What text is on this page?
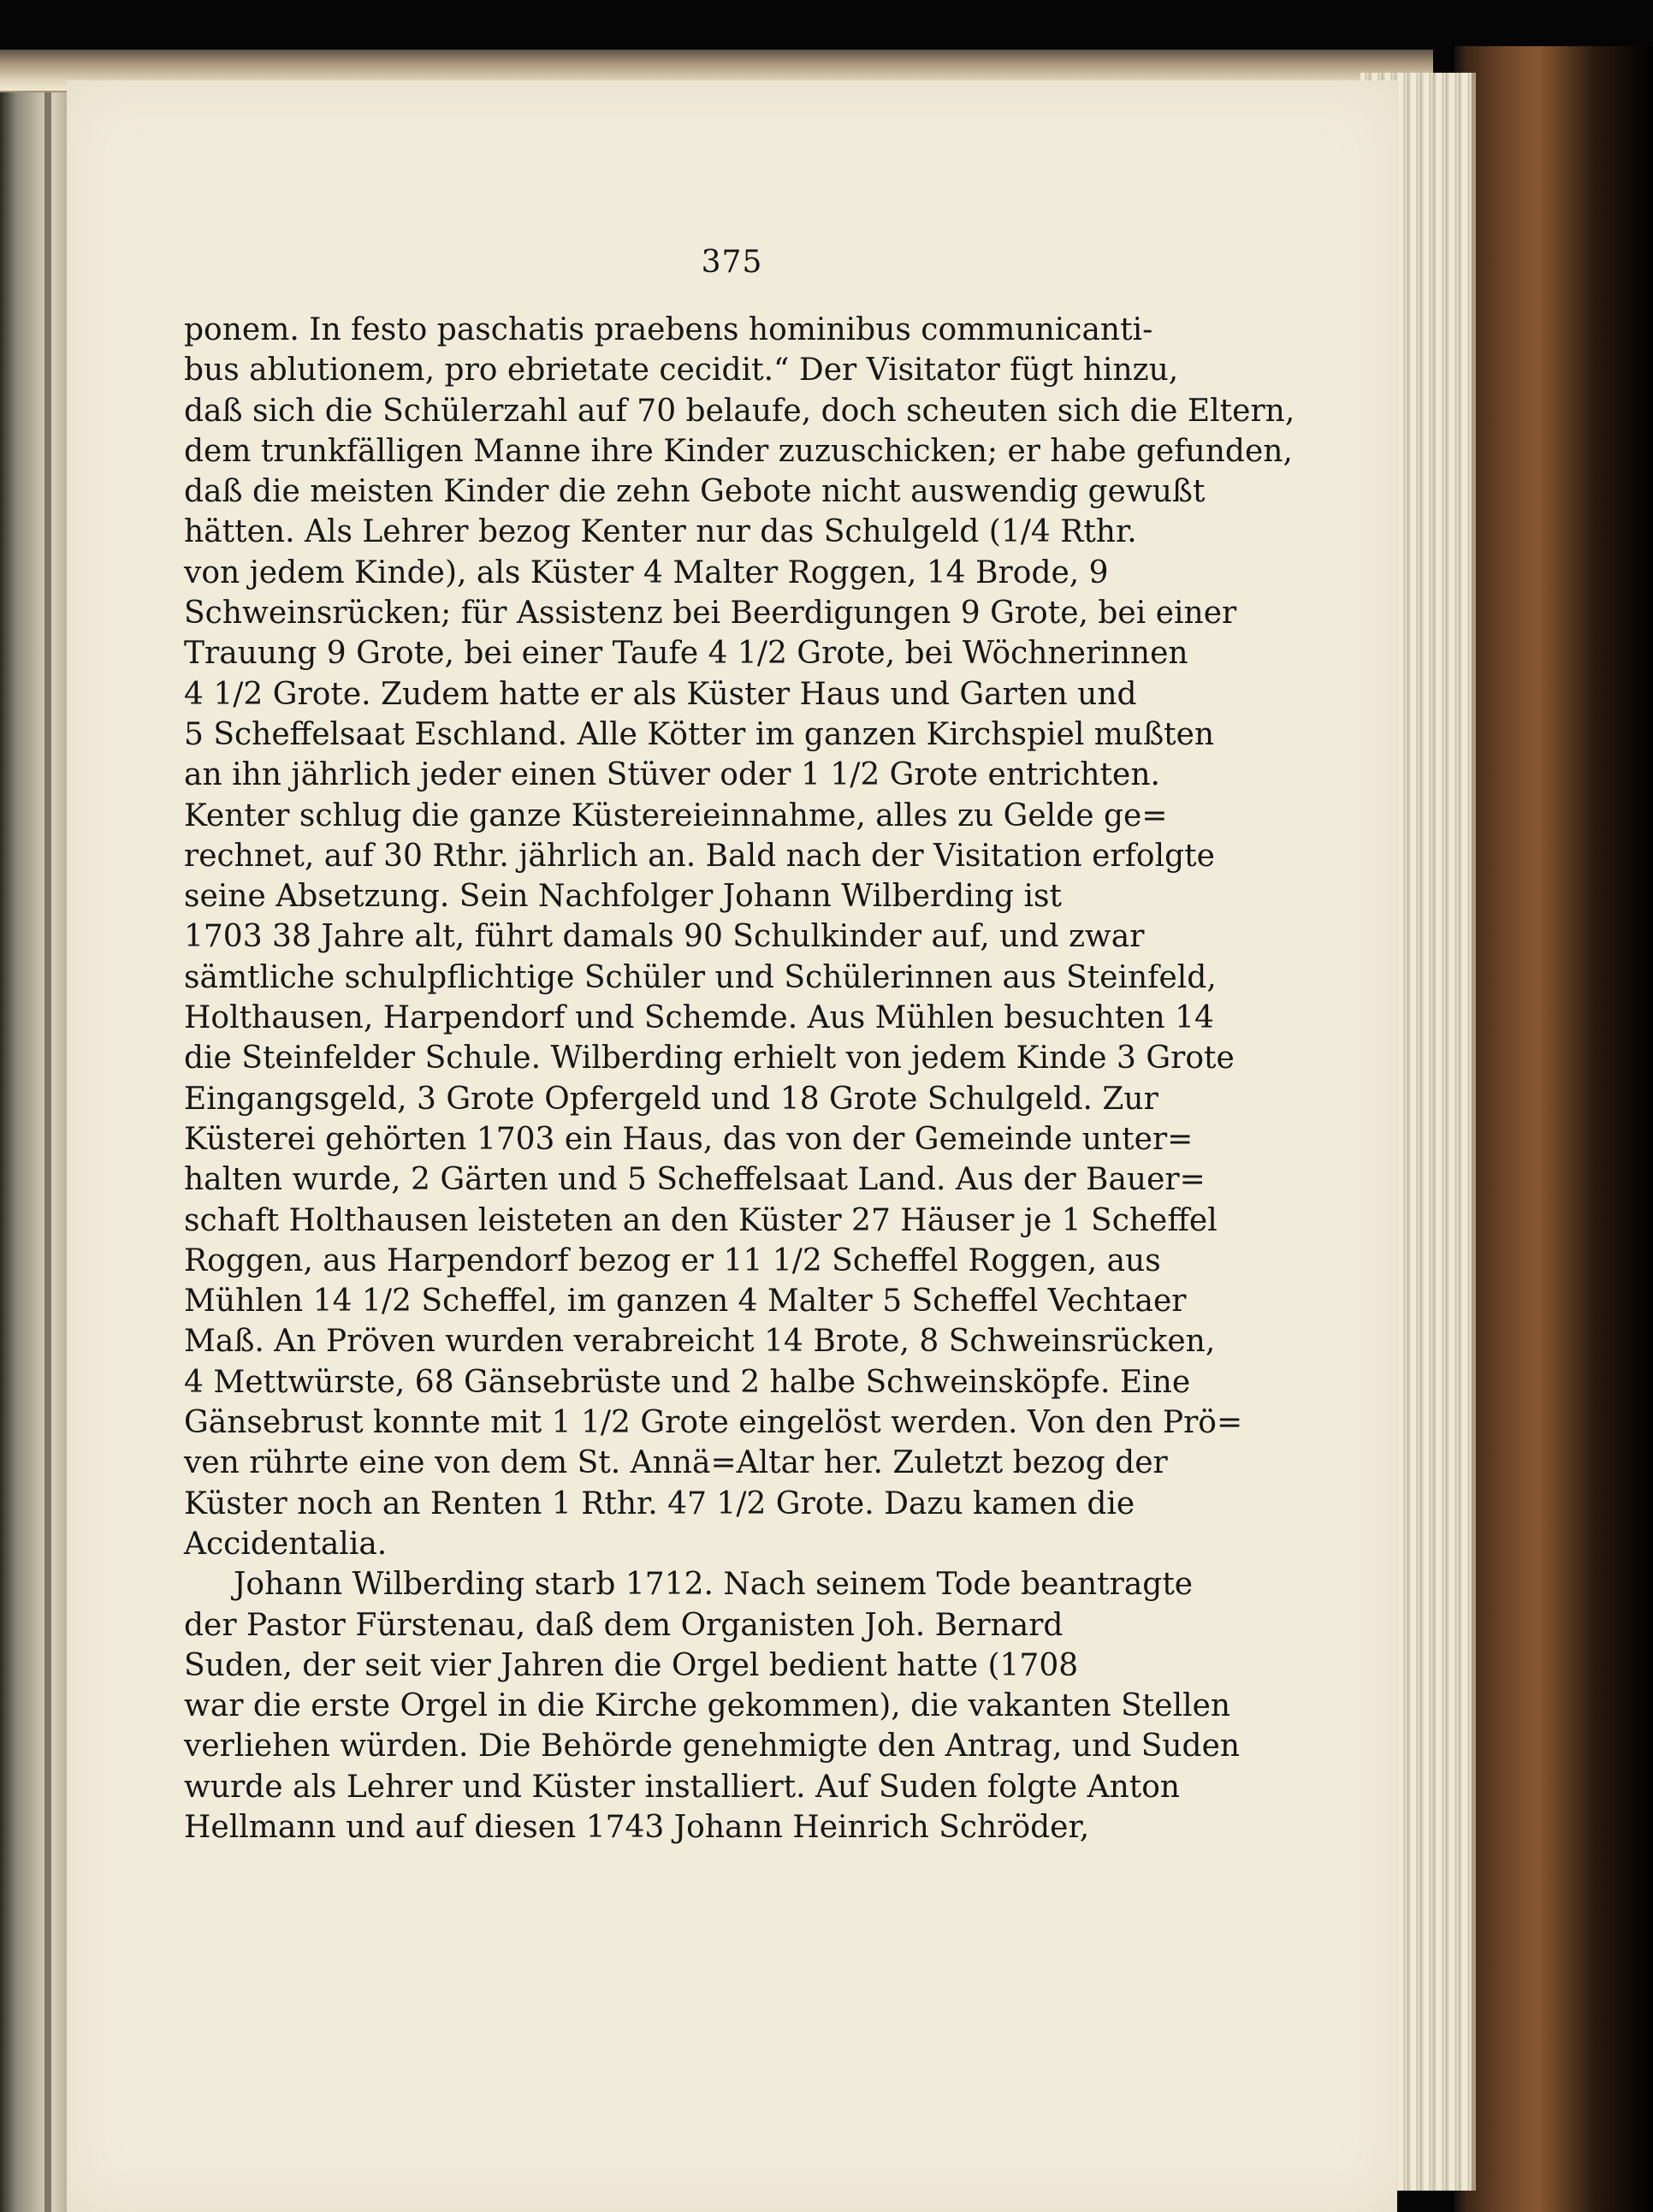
375

ponem. In festo paschatis praebens hominibus communicanti-
bus ablutionem, pro ebrietate cecidit.“ Der Visitator fügt hinzu,
daß sich die Schülerzahl auf 70 belaufe, doch scheuten sich die Eltern,
dem trunkfälligen Manne ihre Kinder zuzuschicken; er habe gefunden,
daß die meisten Kinder die zehn Gebote nicht auswendig gewußt
hätten. Als Lehrer bezog Kenter nur das Schulgeld (1/4 Rthr.
von jedem Kinde), als Küster 4 Malter Roggen, 14 Brode, 9
Schweinsrücken; für Assistenz bei Beerdigungen 9 Grote, bei einer
Trauung 9 Grote, bei einer Taufe 4 1/2 Grote, bei Wöchnerinnen
4 1/2 Grote. Zudem hatte er als Küster Haus und Garten und
5 Scheffelsaat Eschland. Alle Kötter im ganzen Kirchspiel mußten
an ihn jährlich jeder einen Stüver oder 1 1/2 Grote entrichten.
Kenter schlug die ganze Küstereieinnahme, alles zu Gelde ge=
rechnet, auf 30 Rthr. jährlich an. Bald nach der Visitation erfolgte
seine Absetzung. Sein Nachfolger Johann Wilberding ist
1703 38 Jahre alt, führt damals 90 Schulkinder auf, und zwar
sämtliche schulpflichtige Schüler und Schülerinnen aus Steinfeld,
Holthausen, Harpendorf und Schemde. Aus Mühlen besuchten 14
die Steinfelder Schule. Wilberding erhielt von jedem Kinde 3 Grote
Eingangsgeld, 3 Grote Opfergeld und 18 Grote Schulgeld. Zur
Küsterei gehörten 1703 ein Haus, das von der Gemeinde unter=
halten wurde, 2 Gärten und 5 Scheffelsaat Land. Aus der Bauer=
schaft Holthausen leisteten an den Küster 27 Häuser je 1 Scheffel
Roggen, aus Harpendorf bezog er 11 1/2 Scheffel Roggen, aus
Mühlen 14 1/2 Scheffel, im ganzen 4 Malter 5 Scheffel Vechtaer
Maß. An Pröven wurden verabreicht 14 Brote, 8 Schweinsrücken,
4 Mettwürste, 68 Gänsebrüste und 2 halbe Schweinsköpfe. Eine
Gänsebrust konnte mit 1 1/2 Grote eingelöst werden. Von den Prö=
ven rührte eine von dem St. Annä=Altar her. Zuletzt bezog der
Küster noch an Renten 1 Rthr. 47 1/2 Grote. Dazu kamen die
Accidentalia.

Johann Wilberding starb 1712. Nach seinem Tode beantragte
der Pastor Fürstenau, daß dem Organisten Joh. Bernard
Suden, der seit vier Jahren die Orgel bedient hatte (1708
war die erste Orgel in die Kirche gekommen), die vakanten Stellen
verliehen würden. Die Behörde genehmigte den Antrag, und Suden
wurde als Lehrer und Küster installiert. Auf Suden folgte Anton
Hellmann und auf diesen 1743 Johann Heinrich Schröder,
